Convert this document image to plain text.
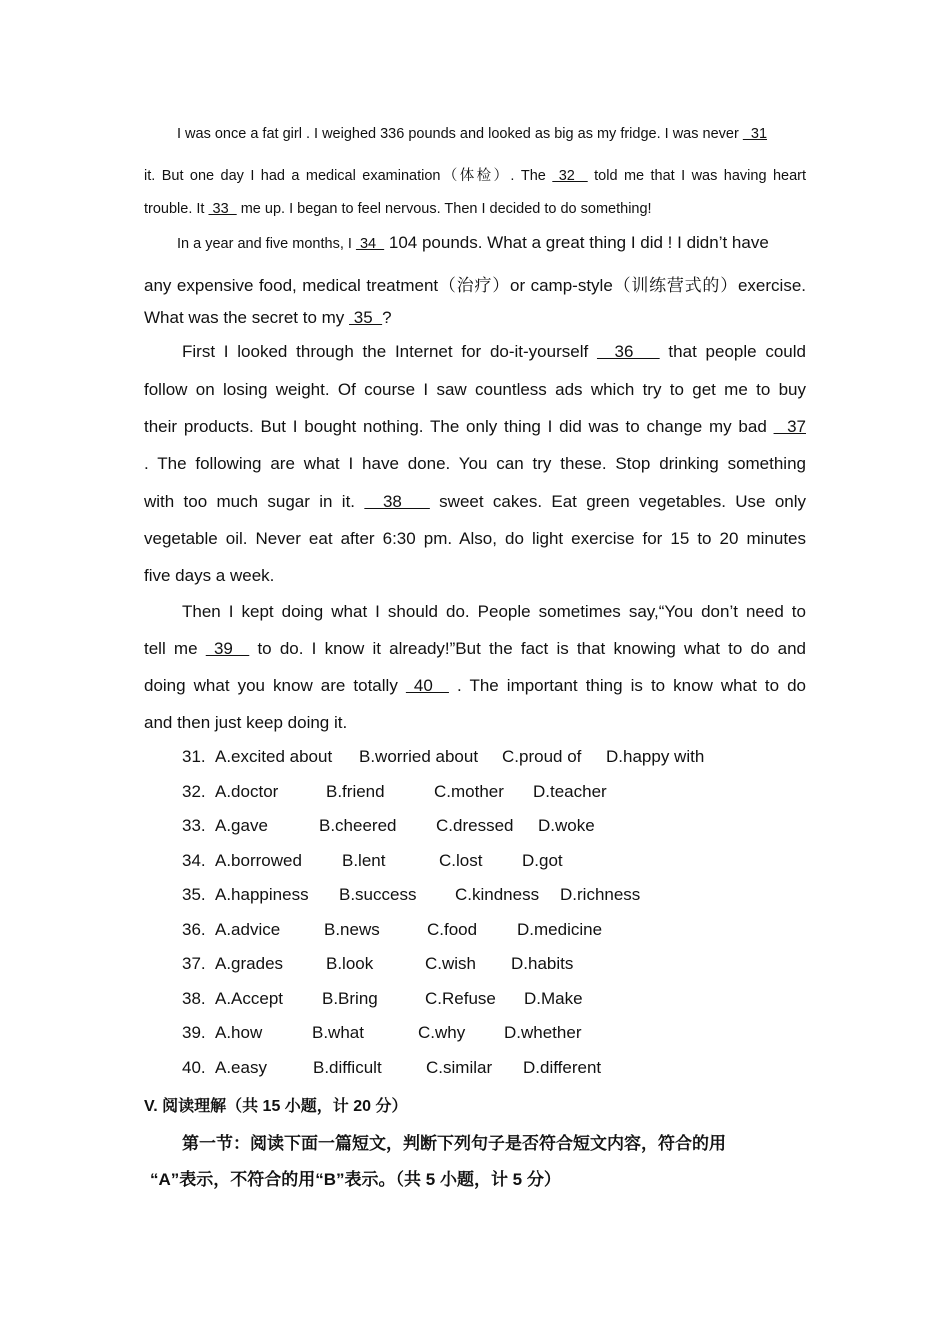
I was once a fat girl . I weighed 336 pounds and looked as big as my fridge. I was never   31
it. But one day I had a medical examination（体检）. The  32   told me that I was having heart
trouble. It  33   me up. I began to feel nervous. Then I decided to do something!
In a year and five months, I  34   104 pounds. What a great thing I did ! I didn’t have
any expensive food, medical treatment（治疗）or camp-style（训练营式的）exercise.
What was the secret to my  35  ?
First I looked through the Internet for do-it-yourself   36    that people could
follow on losing weight. Of course I saw countless ads which try to get me to buy
their products. But I bought nothing. The only thing I did was to change my bad   37
. The following are what I have done. You can try these. Stop drinking something
with too much sugar in it.   38    sweet cakes. Eat green vegetables. Use only
vegetable oil. Never eat after 6:30 pm. Also, do light exercise for 15 to 20 minutes
five days a week.
Then I kept doing what I should do. People sometimes say,“You don’t need to
tell me  39   to do. I know it already!”But the fact is that knowing what to do and
doing what you know are totally  40   . The important thing is to know what to do
and then just keep doing it.
31. A.excited about B.worried about C.proud of D.happy with
32. A.doctor	B.friend	C.mother D.teacher
33. A.gave	B.cheered C.dressed D.woke
34. A.borrowed B.lent	C.lost D.got
35. A.happiness B.success C.kindness D.richness
36. A.advice	B.news	C.food D.medicine
37. A.grades	B.look	C.wish D.habits
38. A.Accept B.Bring	C.Refuse D.Make
39. A.how	B.what	C.why D.whether
40. A.easy	B.difficult	C.similar D.different
V. 阅读理解（共 15 小题，计 20 分）
第一节：阅读下面一篇短文，判断下列句子是否符合短文内容，符合的用
“A”表示，不符合的用“B”表示。（共 5 小题，计 5 分）
